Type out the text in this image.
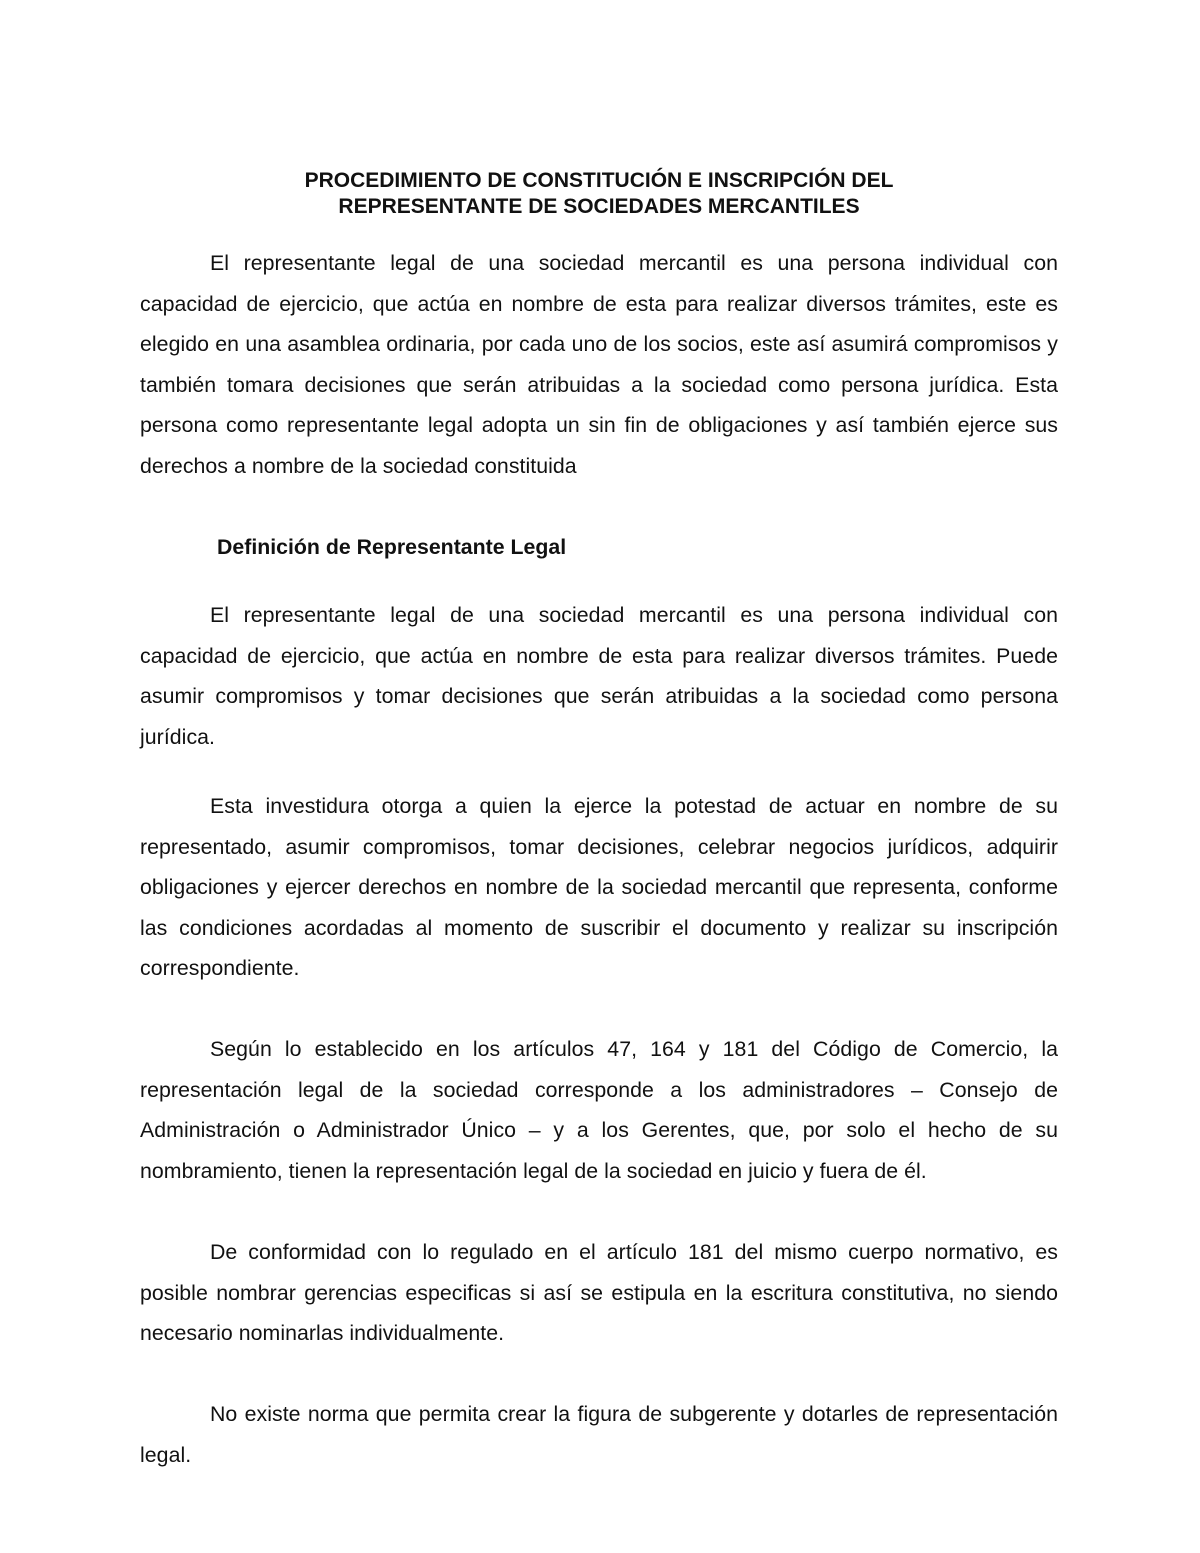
PROCEDIMIENTO DE CONSTITUCIÓN E INSCRIPCIÓN DEL

REPRESENTANTE DE SOCIEDADES MERCANTILES

El representante legal de una sociedad mercantil es una persona individual con capacidad de ejercicio, que actúa en nombre de esta para realizar diversos trámites, este es elegido en una asamblea ordinaria, por cada uno de los socios, este así asumirá compromisos y también tomara decisiones que serán atribuidas a la sociedad como persona jurídica. Esta persona como representante legal adopta un sin fin de obligaciones y así también ejerce sus derechos a nombre de la sociedad constituida

Definición de Representante Legal

El representante legal de una sociedad mercantil es una persona individual con capacidad de ejercicio, que actúa en nombre de esta para realizar diversos trámites. Puede asumir compromisos y tomar decisiones que serán atribuidas a la sociedad como persona jurídica.

Esta investidura otorga a quien la ejerce la potestad de actuar en nombre de su representado, asumir compromisos, tomar decisiones, celebrar negocios jurídicos, adquirir obligaciones y ejercer derechos en nombre de la sociedad mercantil que representa, conforme las condiciones acordadas al momento de suscribir el documento y realizar su inscripción correspondiente.

Según lo establecido en los artículos 47, 164 y 181 del Código de Comercio, la representación legal de la sociedad corresponde a los administradores – Consejo de Administración o Administrador Único – y a los Gerentes, que, por solo el hecho de su nombramiento, tienen la representación legal de la sociedad en juicio y fuera de él.

De conformidad con lo regulado en el artículo 181 del mismo cuerpo normativo, es posible nombrar gerencias especificas si así se estipula en la escritura constitutiva, no siendo necesario nominarlas individualmente.

No existe norma que permita crear la figura de subgerente y dotarles de representación legal.
